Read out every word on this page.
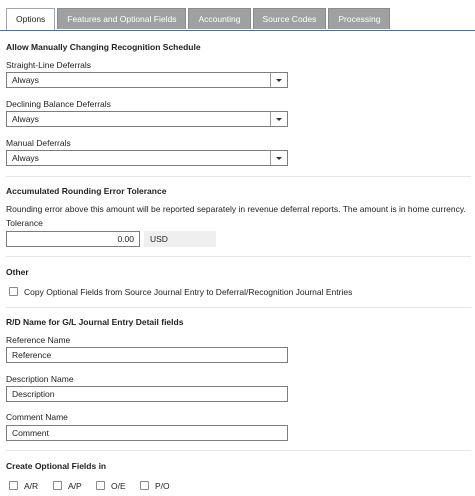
Options	Features and Optional Fields	Accounting	Source Codes	Processing
Allow Manually Changing Recognition Schedule
Straight-Line Deferrals
Always
Declining Balance Deferrals
Always
Manual Deferrals
Always
Accumulated Rounding Error Tolerance
Rounding error above this amount will be reported separately in revenue deferral reports. The amount is in home currency.
Tolerance
0.00 USD
Other
Copy Optional Fields from Source Journal Entry to Deferral/Recognition Journal Entries
R/D Name for G/L Journal Entry Detail fields
Reference Name
Reference
Description Name
Description
Comment Name
Comment
Create Optional Fields in
A/R	A/P	O/E	P/O
